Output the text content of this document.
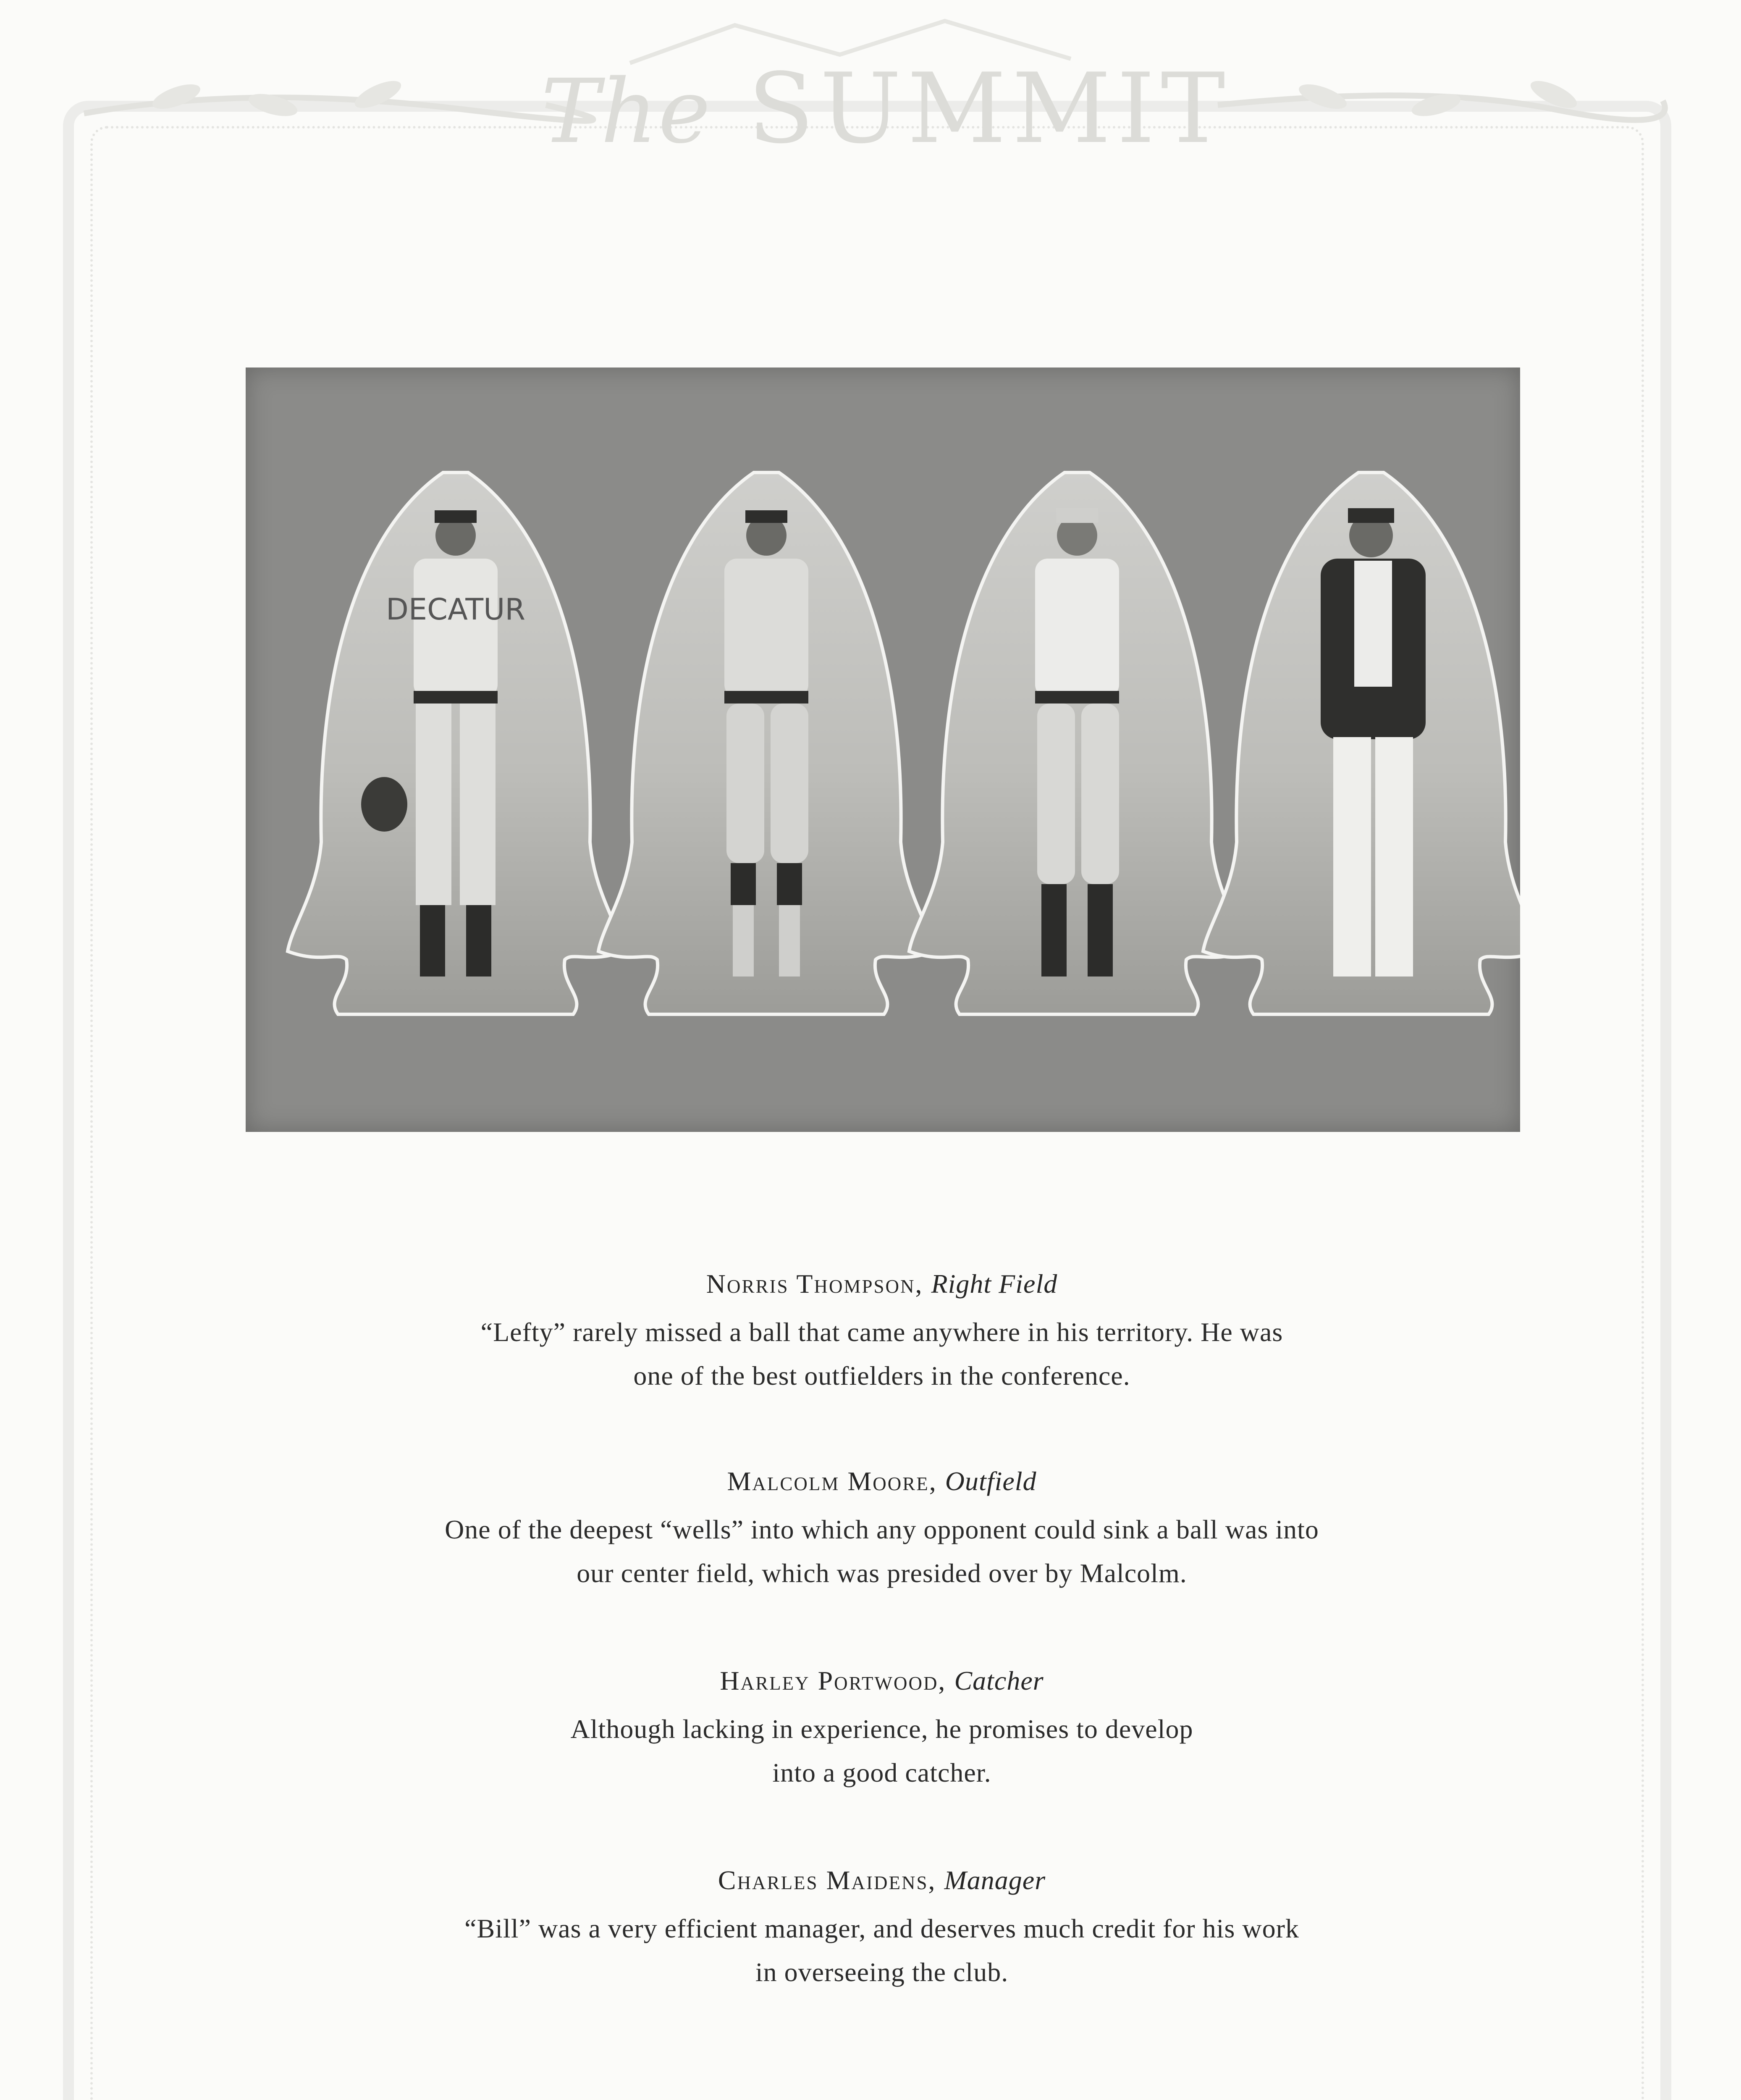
The SUMMIT
DECATUR
Norris Thompson, Right Field
“Lefty” rarely missed a ball that came anywhere in his territory. He was
one of the best outfielders in the conference.
Malcolm Moore, Outfield
One of the deepest “wells” into which any opponent could sink a ball was into
our center field, which was presided over by Malcolm.
Harley Portwood, Catcher
Although lacking in experience, he promises to develop
into a good catcher.
Charles Maidens, Manager
“Bill” was a very efficient manager, and deserves much credit for his work
in overseeing the club.
